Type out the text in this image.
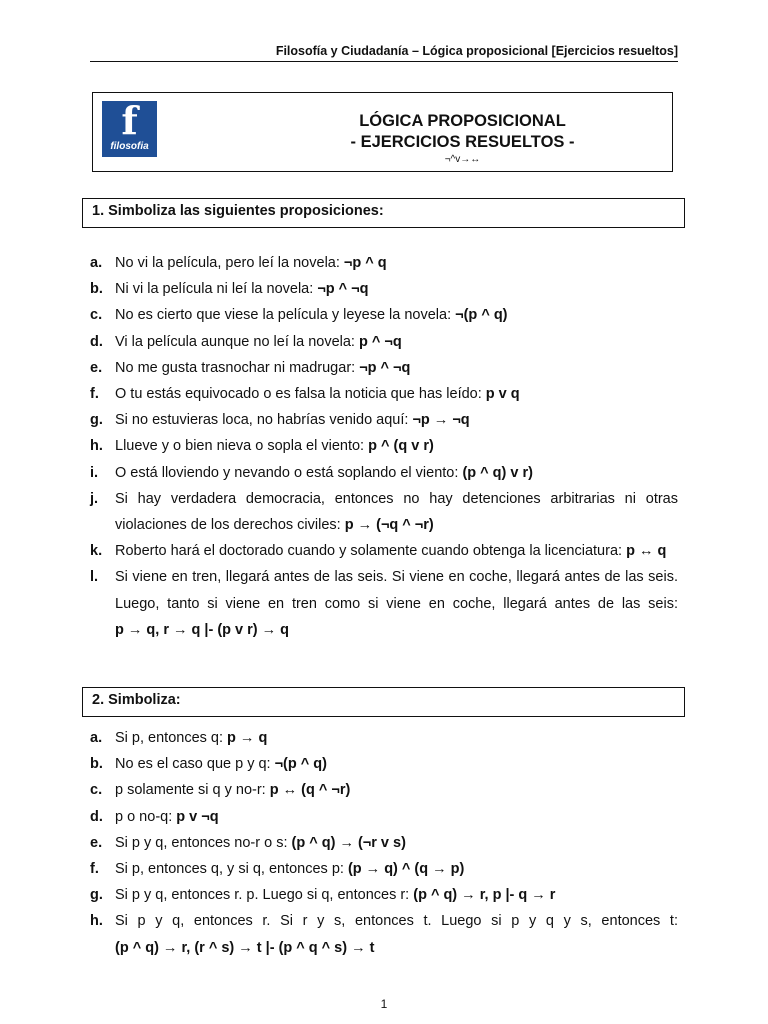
Filosofía y Ciudadanía – Lógica proposicional [Ejercicios resueltos]
f
filosofia
LÓGICA PROPOSICIONAL
- EJERCICIOS RESUELTOS -
¬^v→↔
1. Simboliza las siguientes proposiciones:
a. No vi la película, pero leí la novela: ¬p ^ q
b. Ni vi la película ni leí la novela: ¬p ^ ¬q
c. No es cierto que viese la película y leyese la novela: ¬(p ^ q)
d. Vi la película aunque no leí la novela: p ^ ¬q
e. No me gusta trasnochar ni madrugar: ¬p ^ ¬q
f. O tu estás equivocado o es falsa la noticia que has leído: p v q
g. Si no estuvieras loca, no habrías venido aquí: ¬p → ¬q
h. Llueve y o bien nieva o sopla el viento: p ^ (q v r)
i. O está lloviendo y nevando o está soplando el viento: (p ^ q) v r)
j. Si hay verdadera democracia, entonces no hay detenciones arbitrarias ni otras violaciones de los derechos civiles: p → (¬q ^ ¬r)
k. Roberto hará el doctorado cuando y solamente cuando obtenga la licenciatura: p ↔ q
l. Si viene en tren, llegará antes de las seis. Si viene en coche, llegará antes de las seis. Luego, tanto si viene en tren como si viene en coche, llegará antes de las seis: p → q, r → q |- (p v r) → q
2. Simboliza:
a. Si p, entonces q: p → q
b. No es el caso que p y q: ¬(p ^ q)
c. p solamente si q y no-r: p ↔ (q ^ ¬r)
d. p o no-q: p v ¬q
e. Si p y q, entonces no-r o s: (p ^ q) → (¬r v s)
f. Si p, entonces q, y si q, entonces p: (p → q) ^ (q → p)
g. Si p y q, entonces r. p. Luego si q, entonces r: (p ^ q) → r, p |- q → r
h. Si p y q, entonces r. Si r y s, entonces t. Luego si p y q y s, entonces t: (p ^ q) → r, (r ^ s) → t |- (p ^ q ^ s) → t
1
